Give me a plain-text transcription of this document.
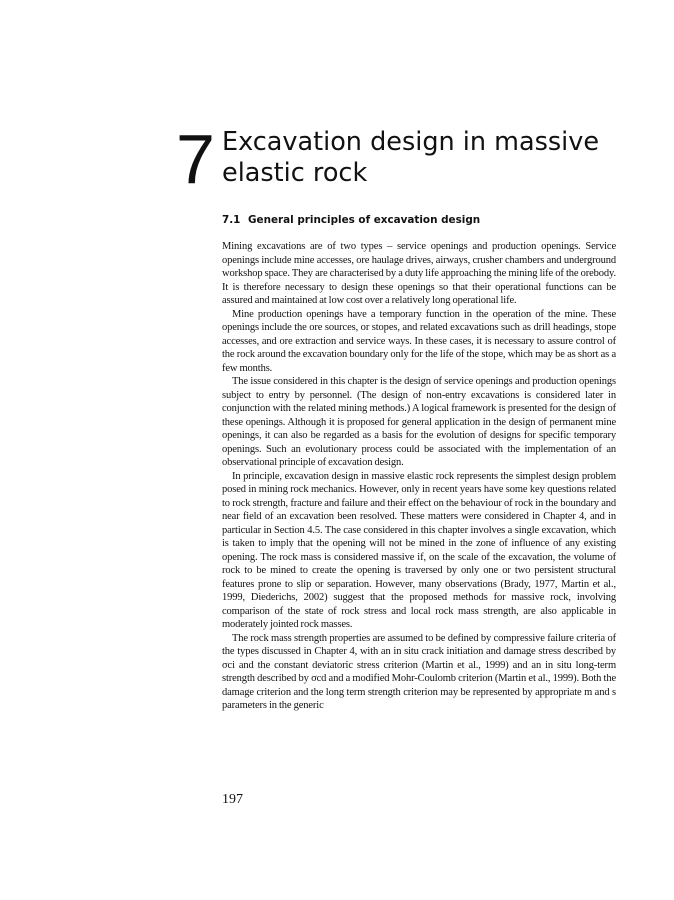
7 Excavation design in massive elastic rock
7.1 General principles of excavation design

Mining excavations are of two types – service openings and production openings. Service openings include mine accesses, ore haulage drives, airways, crusher chambers and underground workshop space. They are characterised by a duty life approaching the mining life of the orebody. It is therefore necessary to design these openings so that their operational functions can be assured and maintained at low cost over a relatively long operational life.

Mine production openings have a temporary function in the operation of the mine. These openings include the ore sources, or stopes, and related excavations such as drill headings, stope accesses, and ore extraction and service ways. In these cases, it is necessary to assure control of the rock around the excavation boundary only for the life of the stope, which may be as short as a few months.

The issue considered in this chapter is the design of service openings and production openings subject to entry by personnel. (The design of non-entry excavations is considered later in conjunction with the related mining methods.) A logical framework is presented for the design of these openings. Although it is proposed for general application in the design of permanent mine openings, it can also be regarded as a basis for the evolution of designs for specific temporary openings. Such an evolutionary process could be associated with the implementation of an observational principle of excavation design.

In principle, excavation design in massive elastic rock represents the simplest design problem posed in mining rock mechanics. However, only in recent years have some key questions related to rock strength, fracture and failure and their effect on the behaviour of rock in the boundary and near field of an excavation been resolved. These matters were considered in Chapter 4, and in particular in Section 4.5. The case considered in this chapter involves a single excavation, which is taken to imply that the opening will not be mined in the zone of influence of any existing opening. The rock mass is considered massive if, on the scale of the excavation, the volume of rock to be mined to create the opening is traversed by only one or two persistent structural features prone to slip or separation. However, many observations (Brady, 1977, Martin et al., 1999, Diederichs, 2002) suggest that the proposed methods for massive rock, involving comparison of the state of rock stress and local rock mass strength, are also applicable in moderately jointed rock masses.

The rock mass strength properties are assumed to be defined by compressive failure criteria of the types discussed in Chapter 4, with an in situ crack initiation and damage stress described by σci and the constant deviatoric stress criterion (Martin et al., 1999) and an in situ long-term strength described by σcd and a modified Mohr-Coulomb criterion (Martin et al., 1999). Both the damage criterion and the long term strength criterion may be represented by appropriate m and s parameters in the generic

197
